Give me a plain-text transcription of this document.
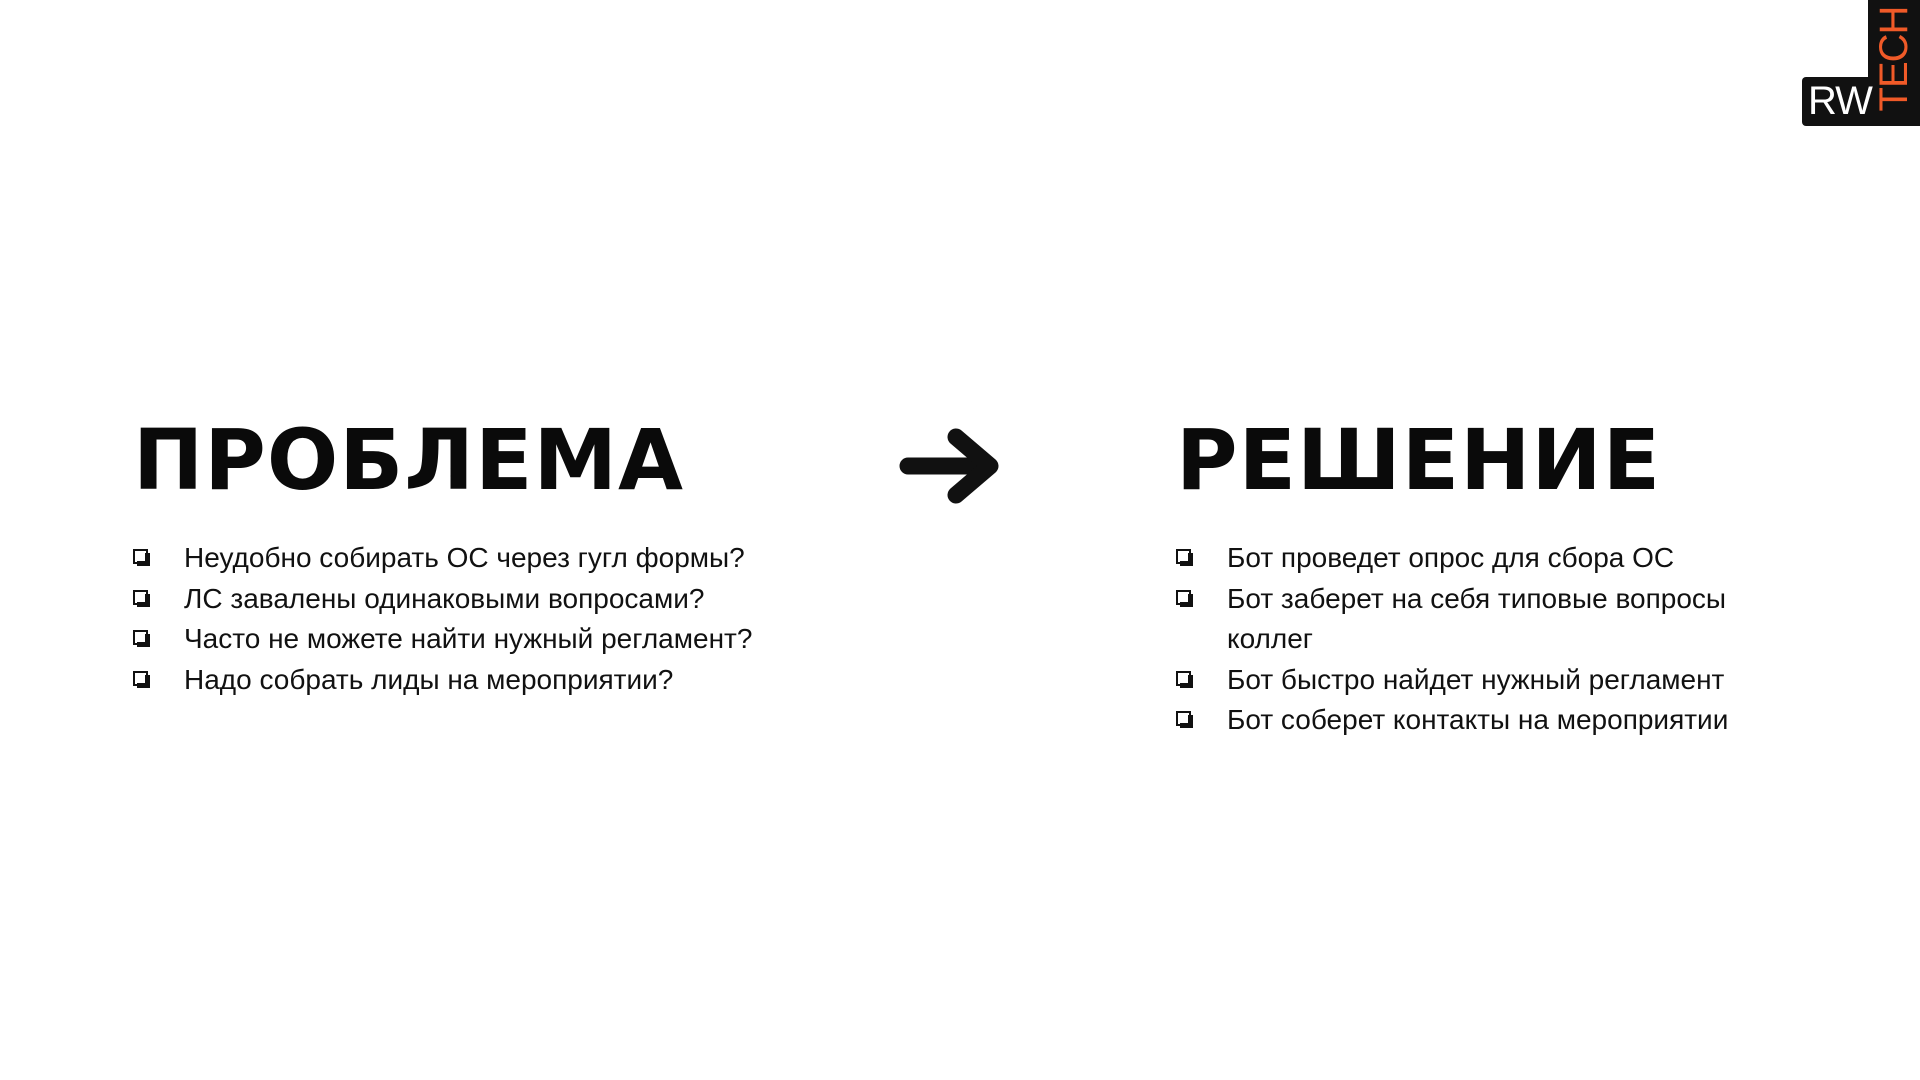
RW TECH
ПРОБЛЕМА
Неудобно собирать ОС через гугл формы?
ЛС завалены одинаковыми вопросами?
Часто не можете найти нужный регламент?
Надо собрать лиды на мероприятии?
РЕШЕНИЕ
Бот проведет опрос для сбора ОС
Бот заберет на себя типовые вопросы коллег
Бот быстро найдет нужный регламент
Бот соберет контакты на мероприятии
